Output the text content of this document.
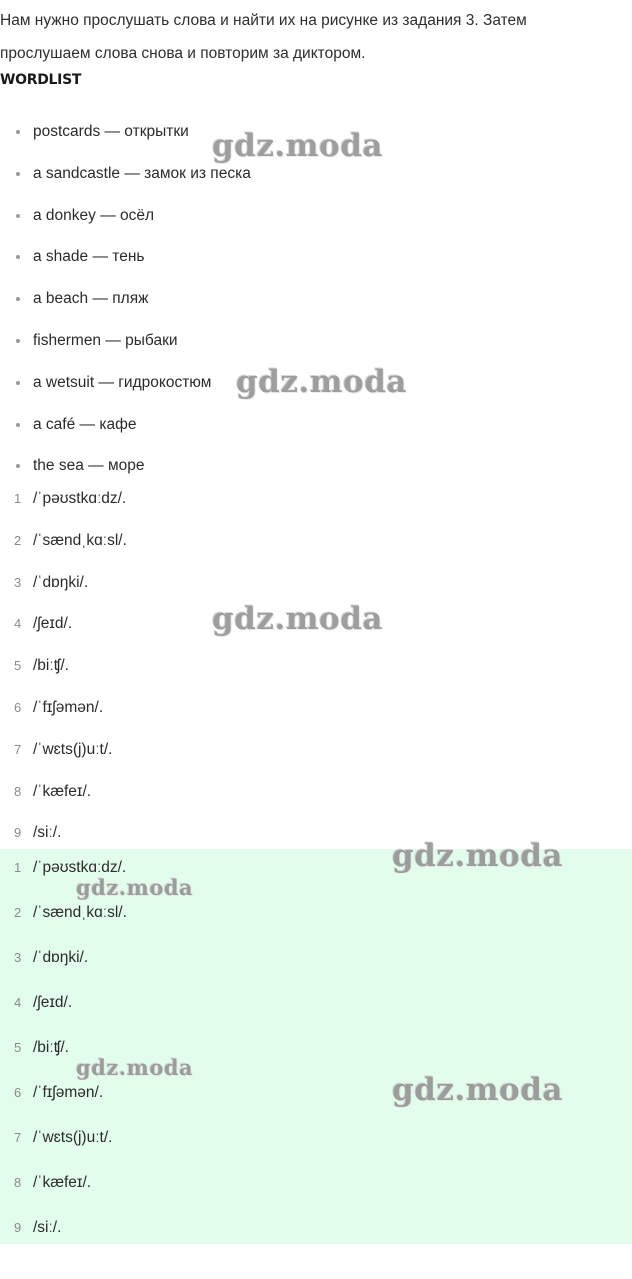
Нам нужно прослушать слова и найти их на рисунке из задания 3. Затем прослушаем слова снова и повторим за диктором.
WORDLIST
postcards — открытки
a sandcastle — замок из песка
a donkey — осёл
a shade — тень
a beach — пляж
fishermen — рыбаки
a wetsuit — гидрокостюм
a café — кафе
the sea — море
1 /ˈpəʊstkɑːdz/.
2 /ˈsændˌkɑːsl/.
3 /ˈdɒŋki/.
4 /ʃeɪd/.
5 /biːʧ/.
6 /ˈfɪʃəmən/.
7 /ˈwɛts(j)uːt/.
8 /ˈkæfeɪ/.
9 /siː/.
1 /ˈpəʊstkɑːdz/.
2 /ˈsændˌkɑːsl/.
3 /ˈdɒŋki/.
4 /ʃeɪd/.
5 /biːʧ/.
6 /ˈfɪʃəmən/.
7 /ˈwɛts(j)uːt/.
8 /ˈkæfeɪ/.
9 /siː/.
gdz.moda
gdz.moda
gdz.moda
gdz.moda
gdz.moda
gdz.moda
gdz.moda
